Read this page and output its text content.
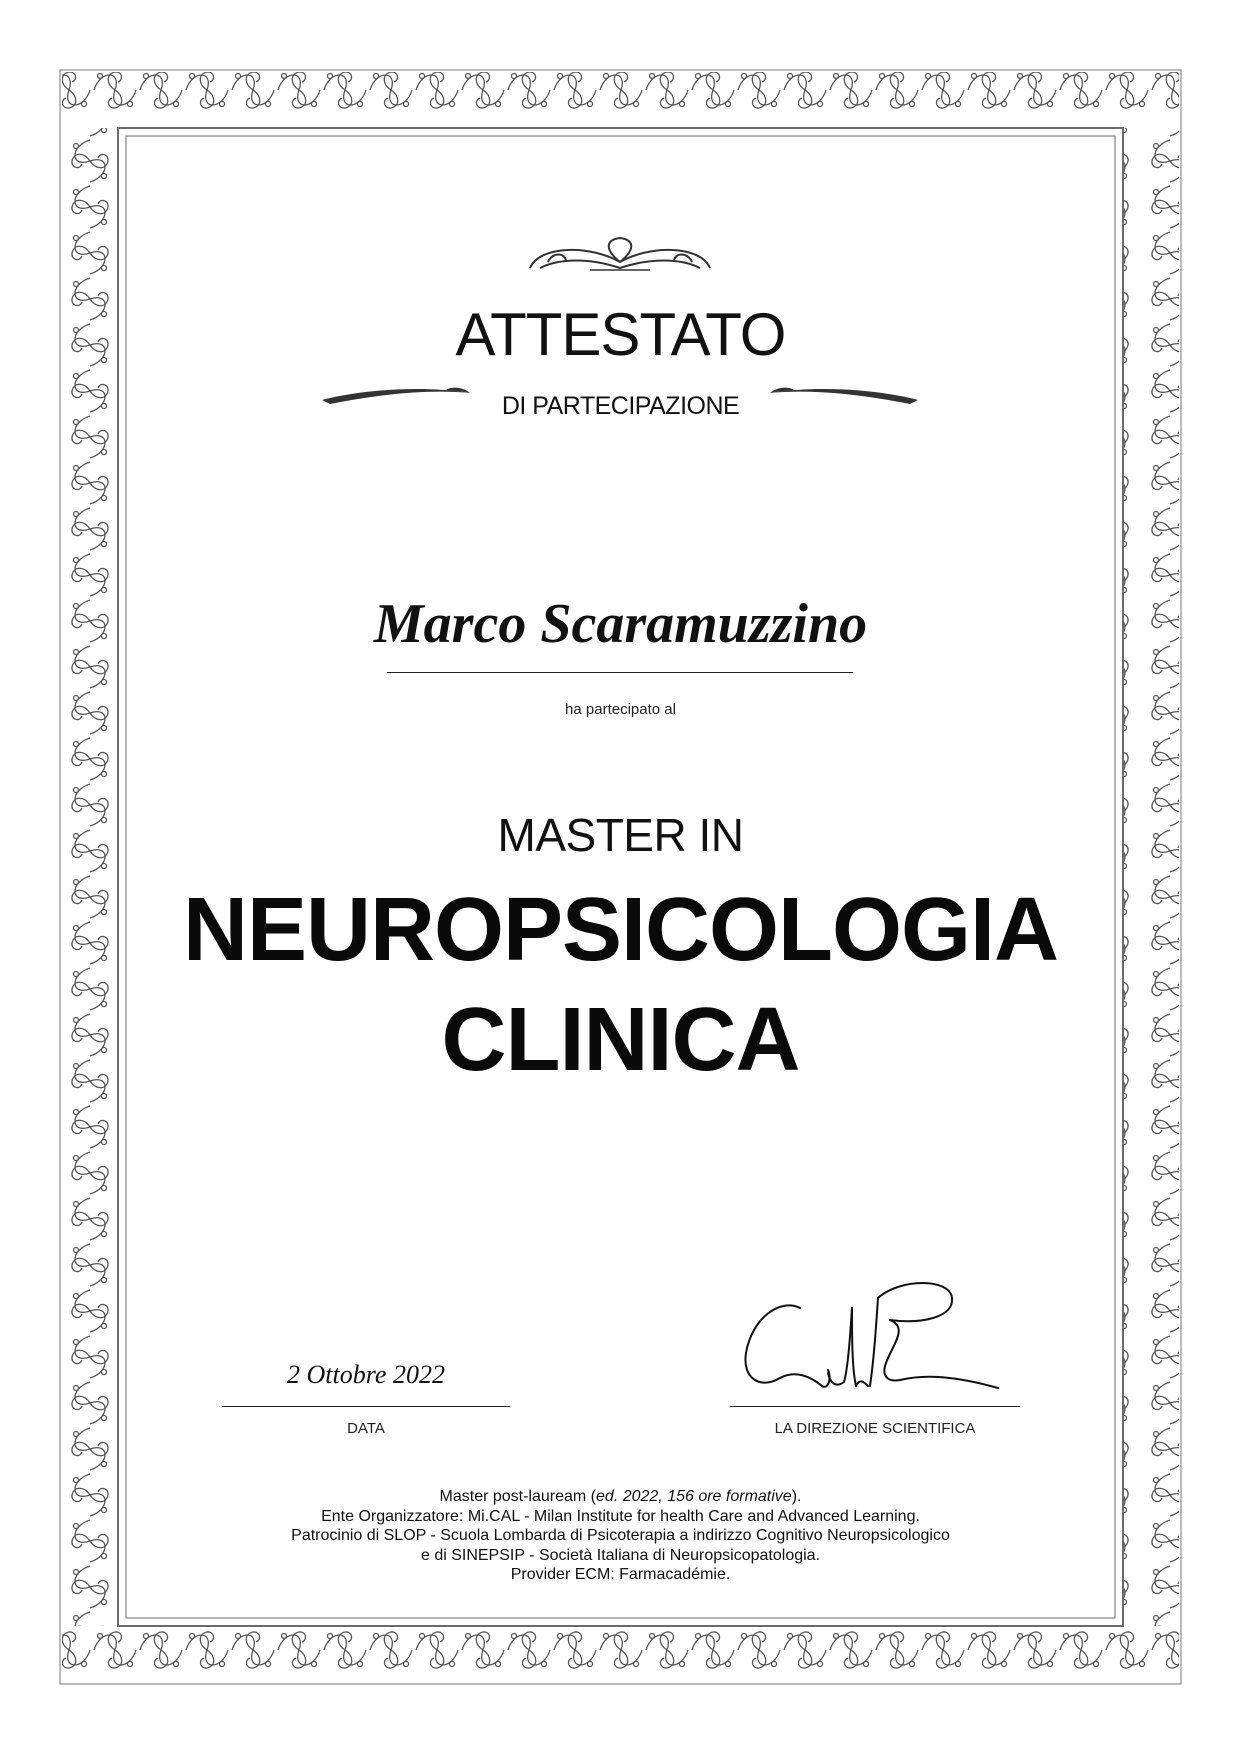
ATTESTATO
DI PARTECIPAZIONE
Marco Scaramuzzino
ha partecipato al
MASTER IN
NEUROPSICOLOGIA
CLINICA
2 Ottobre 2022
DATA	LA DIREZIONE SCIENTIFICA
Master post-lauream (ed. 2022, 156 ore formative).
Ente Organizzatore: Mi.CAL - Milan Institute for health Care and Advanced Learning.
Patrocinio di SLOP - Scuola Lombarda di Psicoterapia a indirizzo Cognitivo Neuropsicologico
e di SINEPSIP - Società Italiana di Neuropsicopatologia.
Provider ECM: Farmacadémie.
